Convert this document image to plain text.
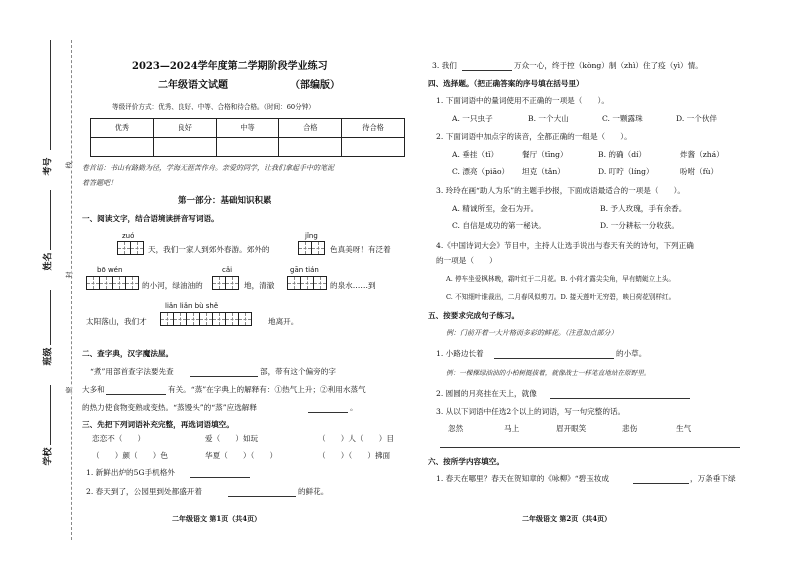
考号
姓名
班级
学校
线
封
密
2023—2024学年度第二学期阶段学业练习
二年级语文试题	（部编版）
等级评价方式：优秀、良好、中等、合格和待合格。（时间：60分钟）
优秀	良好	中等	合格	待合格

卷首语：书山有路勤为径，学海无涯苦作舟。亲爱的同学，让我们拿起手中的笔泥
着答题吧！
第一部分：基础知识积累
一、阅读文字，结合语境读拼音写词语。
zuó
天，我们一家人到郊外春游。郊外的
jǐng
色真美呀！有泛着
bō wén
的小河，绿油油的
cǎi
地，清澈
gān tián
的泉水……到
liǎn liǎn bù shě
太阳落山，我们才	地离开。
二、查字典，汉字魔法屋。
“煮”用部首查字法要先查	部，带有这个偏旁的字
大多和	有关。“蒸”在字典上的解释有：①热气上升；②利用水蒸气
的热力使食物变熟或变热。“蒸馒头”的“蒸”应选解释	。
三、先把下列词语补充完整，再选词语填空。
恋恋不（　　）	爱（　　）如玩	（　　）人（　　）目
（　　）颜（　　）色	华夏（　　）（　　）	（　　）（　　）拂面
1. 新鲜出炉的5G手机格外
2. 春天到了，公园里到处都盛开着	的鲜花。
二年级语文 第1页（共4页）
3. 我们	万众一心，终于控（kòng）制（zhì）住了疫（yì）情。
四、选择题。（把正确答案的序号填在括号里）
1. 下面词语中的量词使用不正确的一项是（　　）。
A. 一只虫子	B. 一个大山	C. 一颗露珠	D. 一个伙伴
2. 下面词语中加点字的读音，全都正确的一组是（　　）。
A. 垂挂（tǐ）	餐厅（tīng）	B. 的确（dí）	炸酱（zhá）
C. 漂亮（piāo） 坦克（tǎn）	D. 叮咛（líng）	吩咐（fù）
3. 玲玲在画“助人为乐”的主题手抄报，下面成语最适合的一项是（　　）。
A. 精诚所至，金石为开。	B. 予人玫瑰，手有余香。
C. 自信是成功的第一秘诀。	D. 一分耕耘一分收获。
4.《中国诗词大会》节目中，主持人让选手说出与春天有关的诗句，下列正确
的一项是（　　）
A. 停车坐爱枫林晚，霜叶红于二月花。B. 小荷才露尖尖角，早有蜻蜓立上头。
C. 不知细叶谁裁出，二月春风似剪刀。D. 接天莲叶无穷碧，映日荷花别样红。
五、按要求完成句子练习。
例：门前开着一大片格而多彩的鲜花。（注意加点部分）
1. 小路边长着	的小草。
例：一棵棵绿油油的小柏树挺拔着，就像战士一样笔直地站在原野里。
2. 圆圆的月亮挂在天上，就像
3. 从以下词语中任选2个以上的词语，写一句完整的话。
忽然	马上	眉开眼笑	悲伤	生气
六、按所学内容填空。
1. 春天在哪里？春天在贺知章的《咏柳》“碧玉妆成	，万条垂下绿
二年级语文 第2页（共4页）
